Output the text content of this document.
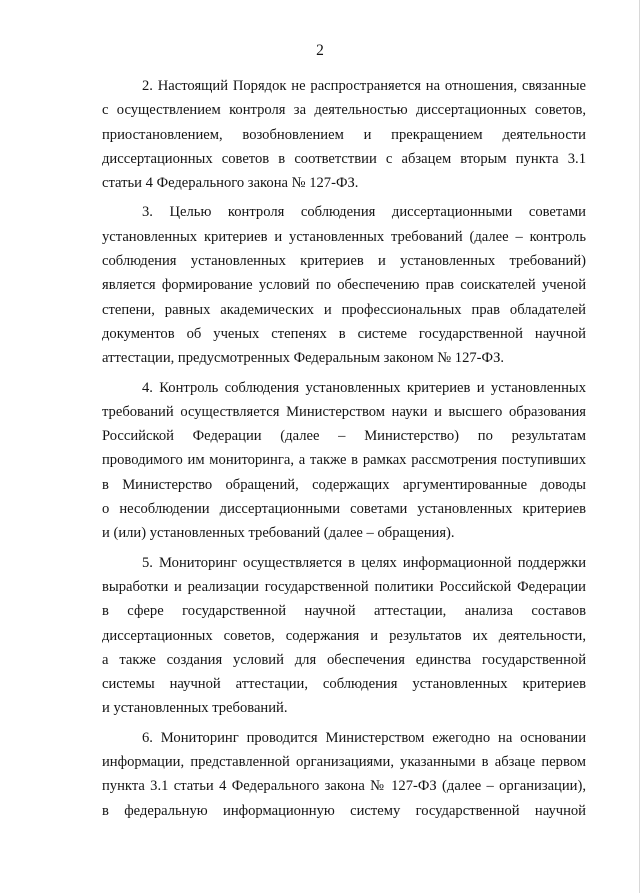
2
2. Настоящий Порядок не распространяется на отношения, связанные
с осуществлением контроля за деятельностью диссертационных советов,
приостановлением, возобновлением и прекращением деятельности
диссертационных советов в соответствии с абзацем вторым пункта 3.1
статьи 4 Федерального закона № 127-ФЗ.
3. Целью контроля соблюдения диссертационными советами
установленных критериев и установленных требований (далее – контроль
соблюдения установленных критериев и установленных требований)
является формирование условий по обеспечению прав соискателей ученой
степени, равных академических и профессиональных прав обладателей
документов об ученых степенях в системе государственной научной
аттестации, предусмотренных Федеральным законом № 127-ФЗ.
4. Контроль соблюдения установленных критериев и установленных
требований осуществляется Министерством науки и высшего образования
Российской Федерации (далее – Министерство) по результатам
проводимого им мониторинга, а также в рамках рассмотрения поступивших
в Министерство обращений, содержащих аргументированные доводы
о несоблюдении диссертационными советами установленных критериев
и (или) установленных требований (далее – обращения).
5. Мониторинг осуществляется в целях информационной поддержки
выработки и реализации государственной политики Российской Федерации
в сфере государственной научной аттестации, анализа составов
диссертационных советов, содержания и результатов их деятельности,
а также создания условий для обеспечения единства государственной
системы научной аттестации, соблюдения установленных критериев
и установленных требований.
6. Мониторинг проводится Министерством ежегодно на основании
информации, представленной организациями, указанными в абзаце первом
пункта 3.1 статьи 4 Федерального закона № 127-ФЗ (далее – организации),
в федеральную информационную систему государственной научной
